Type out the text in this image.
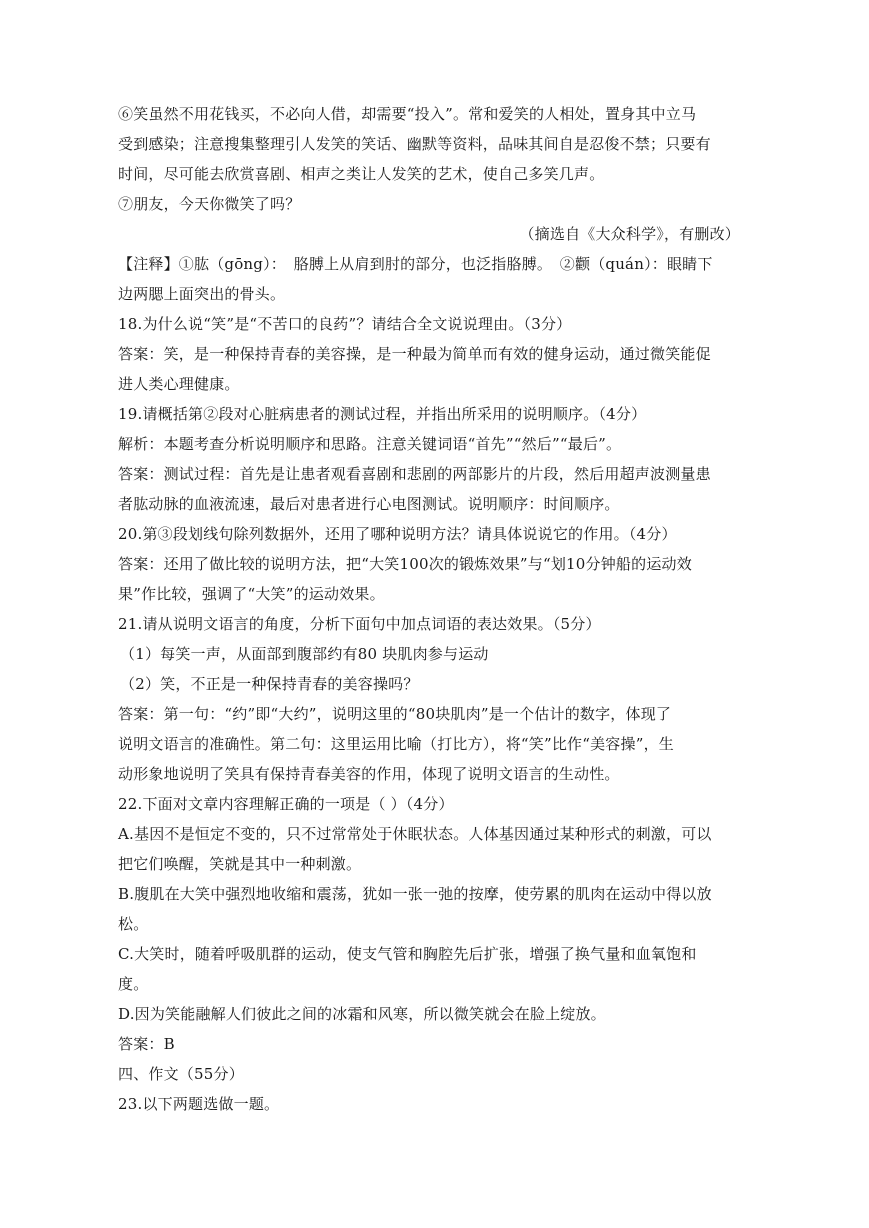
⑥笑虽然不用花钱买，不必向人借，却需要“投入”。常和爱笑的人相处，置身其中立马
受到感染；注意搜集整理引人发笑的笑话、幽默等资料，品味其间自是忍俊不禁；只要有
时间，尽可能去欣赏喜剧、相声之类让人发笑的艺术，使自己多笑几声。
⑦朋友，今天你微笑了吗？
（摘选自《大众科学》，有删改）
【注释】①肱（gōng）：　胳膊上从肩到肘的部分，也泛指胳膊。　②颧（quán）：眼睛下
边两腮上面突出的骨头。
18.为什么说“笑”是“不苦口的良药”？请结合全文说说理由。（3分）
答案：笑，是一种保持青春的美容操，是一种最为简单而有效的健身运动，通过微笑能促
进人类心理健康。
19.请概括第②段对心脏病患者的测试过程，并指出所采用的说明顺序。（4分）
解析：本题考查分析说明顺序和思路。注意关键词语“首先”“然后”“最后”。
答案：测试过程：首先是让患者观看喜剧和悲剧的两部影片的片段，然后用超声波测量患
者肱动脉的血液流速，最后对患者进行心电图测试。说明顺序：时间顺序。
20.第③段划线句除列数据外，还用了哪种说明方法？请具体说说它的作用。（4分）
答案：还用了做比较的说明方法，把“大笑100次的锻炼效果”与“划10分钟船的运动效
果”作比较，强调了“大笑”的运动效果。
21.请从说明文语言的角度，分析下面句中加点词语的表达效果。（5分）
（1）每笑一声，从面部到腹部约有80 块肌肉参与运动
（2）笑，不正是一种保持青春的美容操吗？
答案：第一句：“约”即“大约”，说明这里的“80块肌肉”是一个估计的数字，体现了
说明文语言的准确性。第二句：这里运用比喻（打比方），将“笑”比作“美容操”，生
动形象地说明了笑具有保持青春美容的作用，体现了说明文语言的生动性。
22.下面对文章内容理解正确的一项是（ ）（4分）
A.基因不是恒定不变的，只不过常常处于休眠状态。人体基因通过某种形式的刺激，可以
把它们唤醒，笑就是其中一种刺激。
B.腹肌在大笑中强烈地收缩和震荡，犹如一张一弛的按摩，使劳累的肌肉在运动中得以放
松。
C.大笑时，随着呼吸肌群的运动，使支气管和胸腔先后扩张，增强了换气量和血氧饱和
度。
D.因为笑能融解人们彼此之间的冰霜和风寒，所以微笑就会在脸上绽放。
答案：B
四、作文（55分）
23.以下两题选做一题。
